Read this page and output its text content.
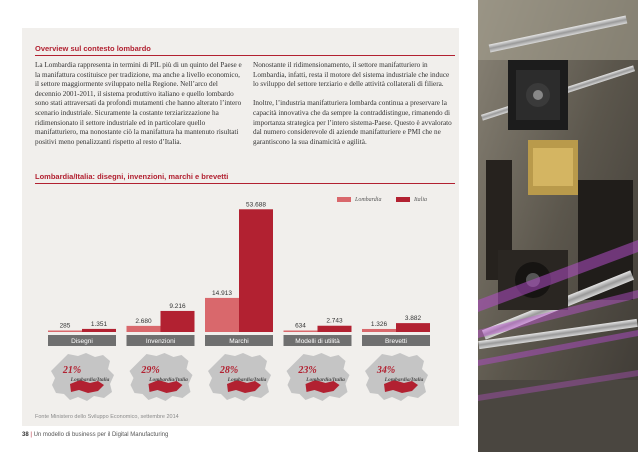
Overview sul contesto lombardo

La Lombardia rappresenta in termini di PIL più di un quinto del Paese e la manifattura costituisce per tradizione, ma anche a livello economico, il settore maggiormente sviluppato nella Regione. Nell’arco del decennio 2001-2011, il sistema produttivo italiano e quello lombardo sono stati attraversati da profondi mutamenti che hanno alterato l’intero scenario industriale. Sicuramente la costante terziarizzazione ha ridimensionato il settore industriale ed in particolare quello manifatturiero, ma nonostante ciò la manifattura ha mantenuto risultati positivi meno penalizzanti rispetto al resto d’Italia.

Nonostante il ridimensionamento, il settore manifatturiero in Lombardia, infatti, resta il motore del sistema industriale che induce lo sviluppo del settore terziario e delle attività collaterali di filiera.

Inoltre, l’industria manifatturiera lombarda continua a preservare la capacità innovativa che da sempre la contraddistingue, rimanendo di importanza strategica per l’intero sistema-Paese. Questo è avvalorato dal numero considerevole di aziende manifatturiere e PMI che ne garantiscono la sua dinamicità e agilità.

Lombardia/Italia: disegni, invenzioni, marchi e brevetti
Lombardia	Italia
285	1.351
Disegni
21%
Lombardia/Italia
2.680
9.216
Invenzioni
29%
Lombardia/Italia
14.913
53.688
Marchi
28%
Lombardia/Italia
634
2.743
Modelli di utilità
23%
Lombardia/Italia
1.326
3.882
Brevetti
34%
Lombardia/Italia
Fonte Ministero dello Sviluppo Economico, settembre 2014
38 | Un modello di business per il Digital Manufacturing
